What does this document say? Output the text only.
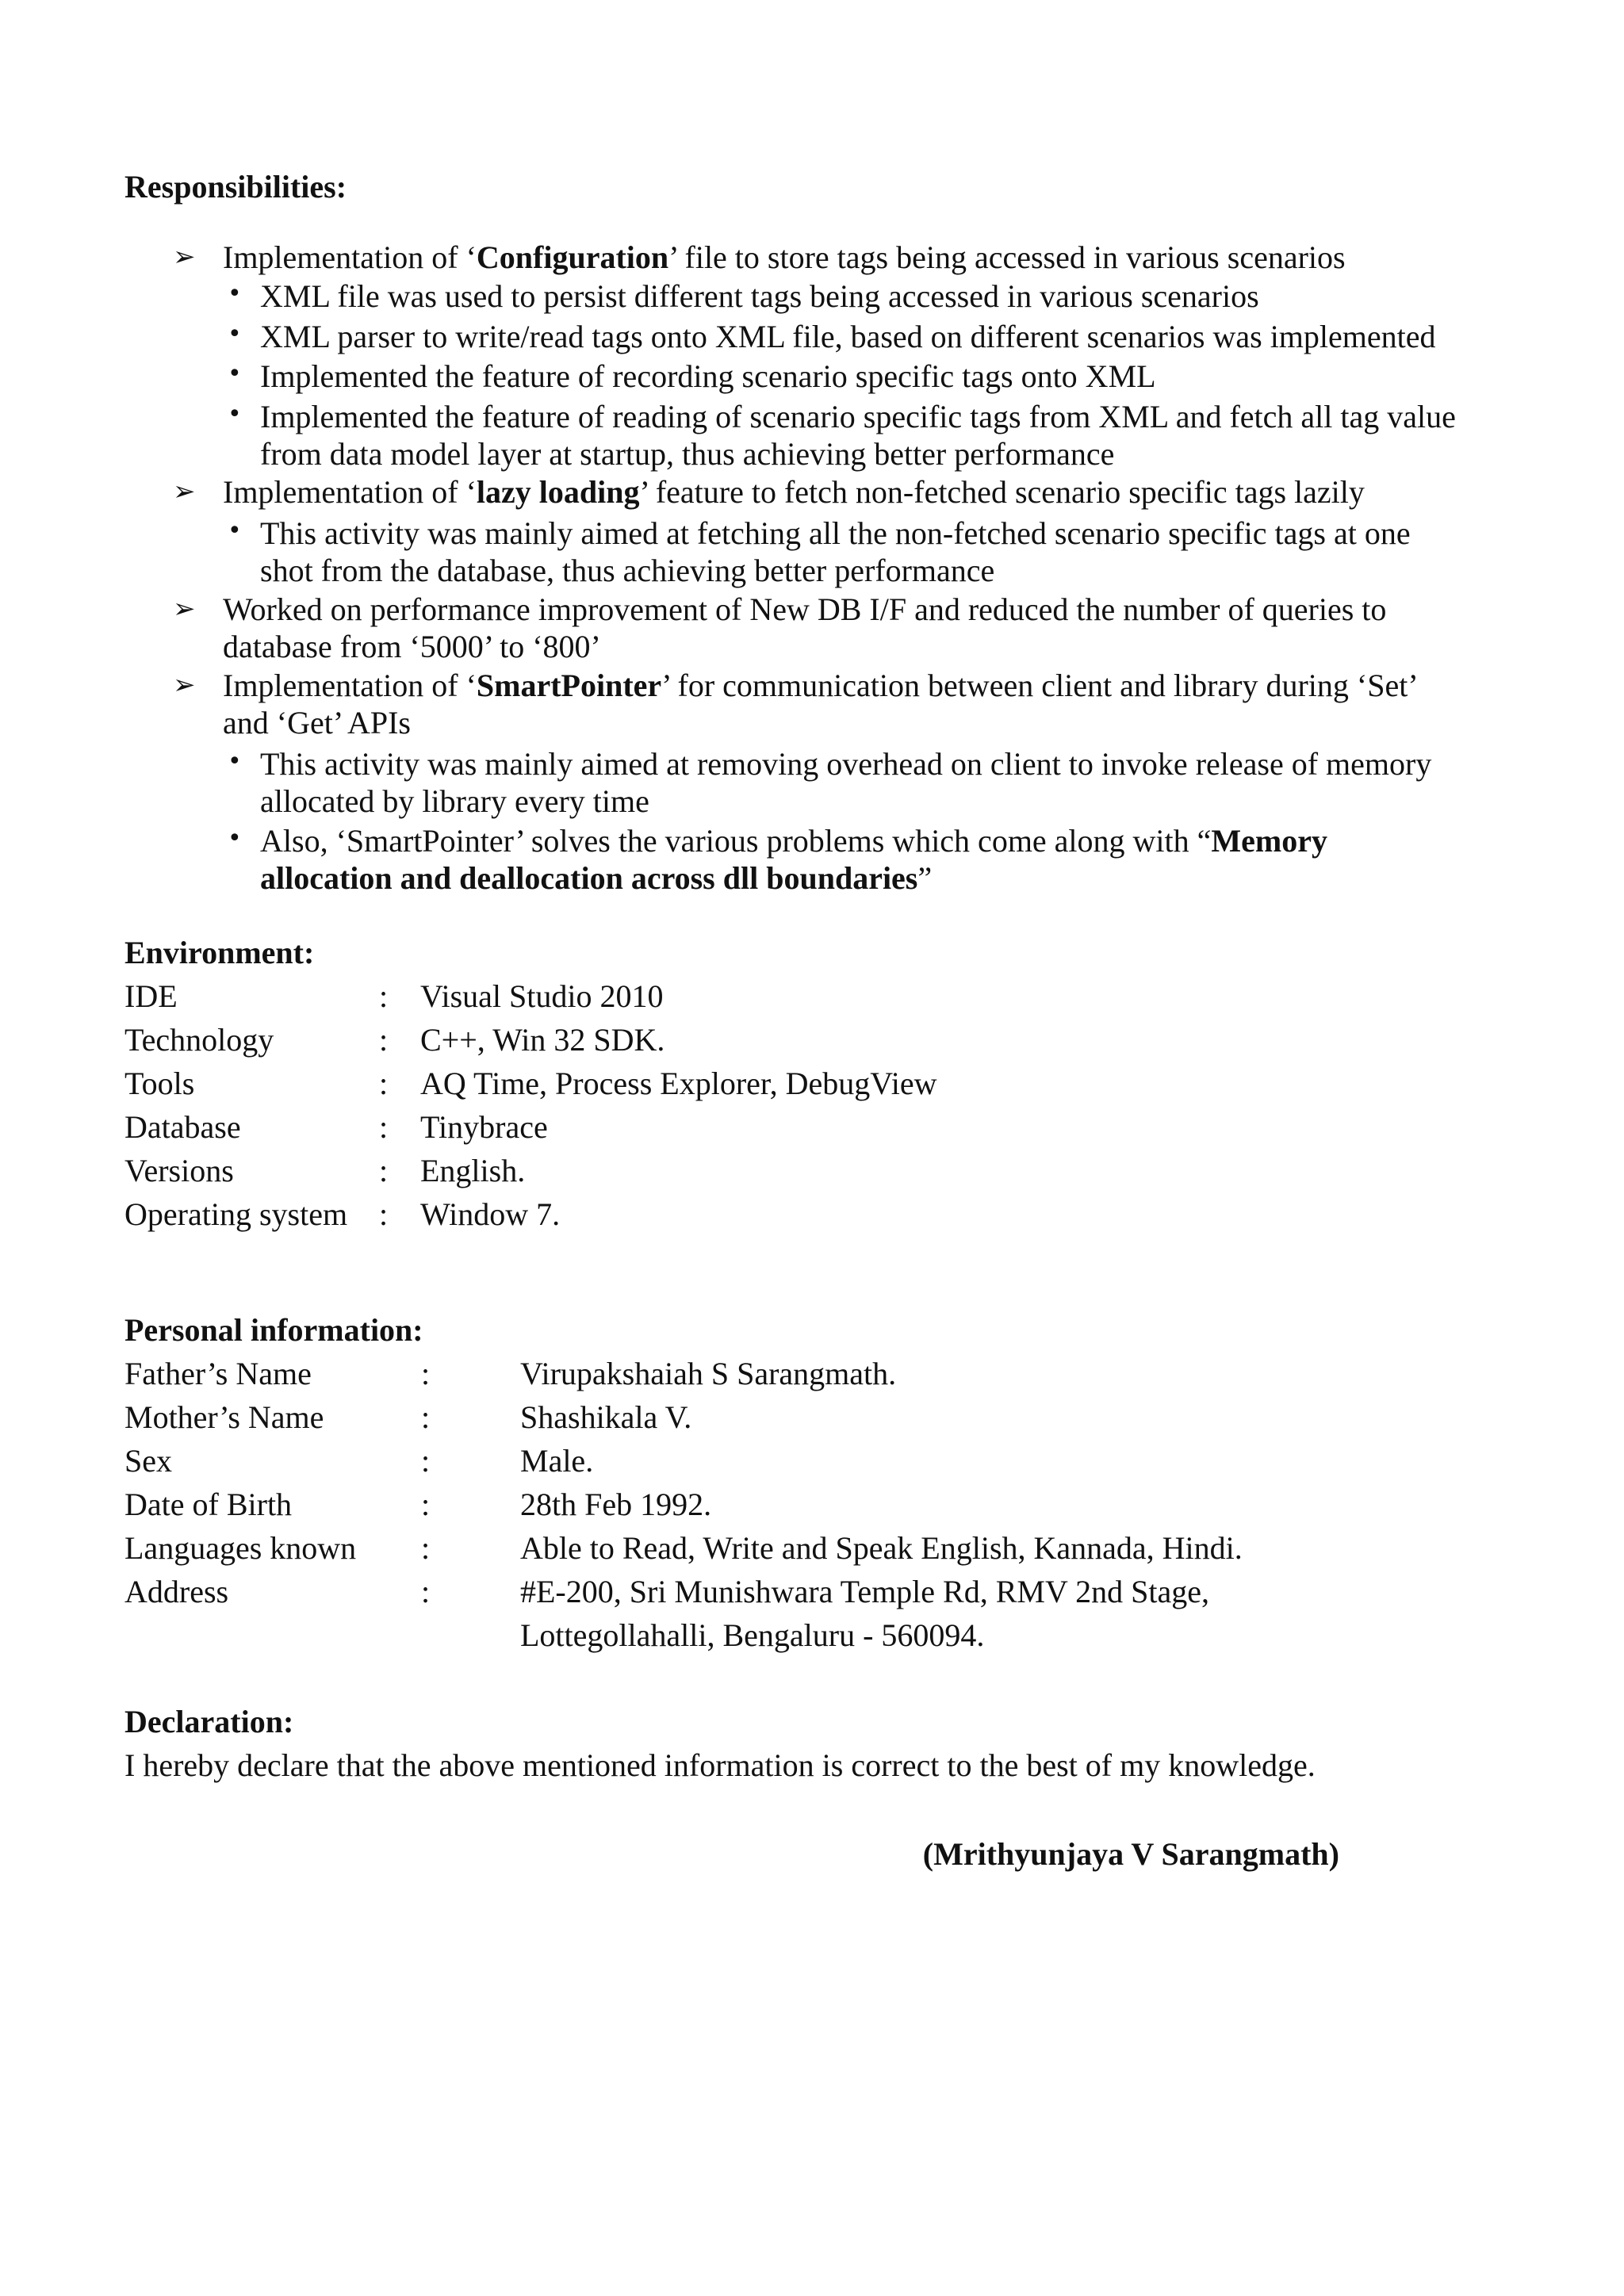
Responsibilities:
➢ Implementation of ‘Configuration’ file to store tags being accessed in various scenarios
• XML file was used to persist different tags being accessed in various scenarios
• XML parser to write/read tags onto XML file, based on different scenarios was implemented
• Implemented the feature of recording scenario specific tags onto XML
• Implemented the feature of reading of scenario specific tags from XML and fetch all tag value
from data model layer at startup, thus achieving better performance
➢ Implementation of ‘lazy loading’ feature to fetch non-fetched scenario specific tags lazily
• This activity was mainly aimed at fetching all the non-fetched scenario specific tags at one
shot from the database, thus achieving better performance
➢ Worked on performance improvement of New DB I/F and reduced the number of queries to
database from ‘5000’ to ‘800’
➢ Implementation of ‘SmartPointer’ for communication between client and library during ‘Set’
and ‘Get’ APIs
• This activity was mainly aimed at removing overhead on client to invoke release of memory
allocated by library every time
• Also, ‘SmartPointer’ solves the various problems which come along with “Memory
allocation and deallocation across dll boundaries”
Environment:
IDE	: Visual Studio 2010
Technology	: C++, Win 32 SDK.
Tools	: AQ Time, Process Explorer, DebugView
Database	: Tinybrace
Versions	: English.
Operating system : Window 7.
Personal information:
Father’s Name	:	Virupakshaiah S Sarangmath.
Mother’s Name	:	Shashikala V.
Sex	:	Male.
Date of Birth	:	28th Feb 1992.
Languages known :	Able to Read, Write and Speak English, Kannada, Hindi.
Address	:	#E-200, Sri Munishwara Temple Rd, RMV 2nd Stage,
Lottegollahalli, Bengaluru - 560094.
Declaration:
I hereby declare that the above mentioned information is correct to the best of my knowledge.
(Mrithyunjaya V Sarangmath)
